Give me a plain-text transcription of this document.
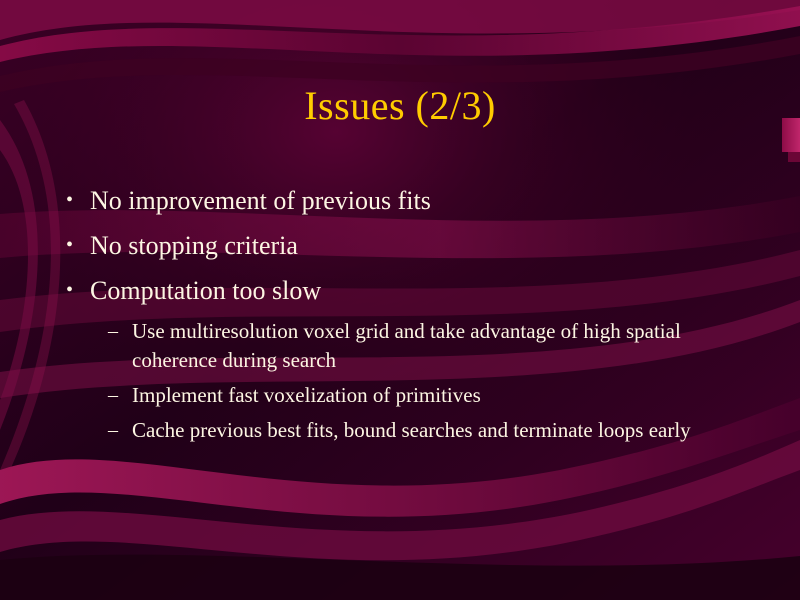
Issues (2/3)
• No improvement of previous fits
• No stopping criteria
• Computation too slow
– Use multiresolution voxel grid and take advantage of high spatial coherence during search
– Implement fast voxelization of primitives
– Cache previous best fits, bound searches and terminate loops early
